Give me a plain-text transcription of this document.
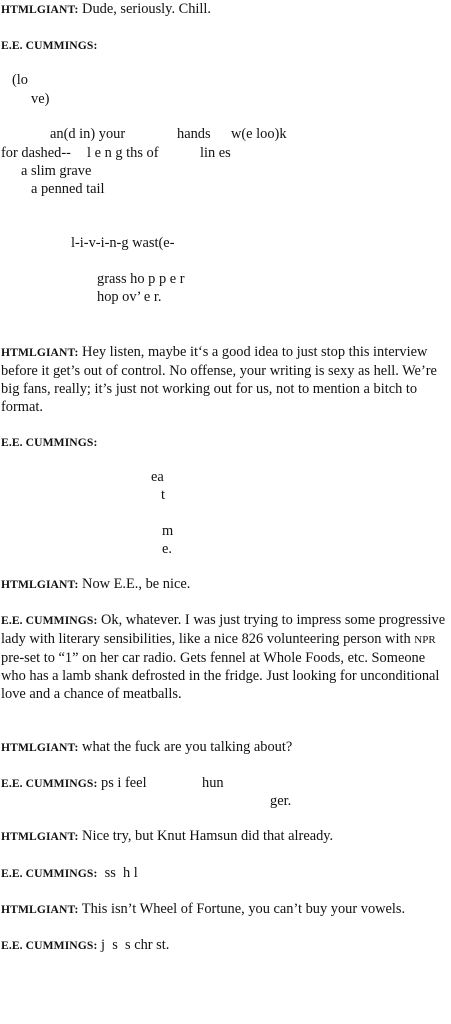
HTMLGIANT: Dude, seriously. Chill.

E.E. CUMMINGS:

(lo
ve)
an(d in) your	hands w(e loo)k
for dashed-- l e n g ths of	lin es
a slim grave
a penned tail
l-i-v-i-n-g wast(e-
grass ho p p e r
hop ov’ e r.

HTMLGIANT: Hey listen, maybe it‘s a good idea to just stop this interview before it get’s out of control. No offense, your writing is sexy as hell. We’re big fans, really; it’s just not working out for us, not to mention a bitch to format.

E.E. CUMMINGS:

ea
t
m
e.

HTMLGIANT: Now E.E., be nice.

E.E. CUMMINGS: Ok, whatever. I was just trying to impress some progressive lady with literary sensibilities, like a nice 826 volunteering person with NPR pre-set to “1” on her car radio. Gets fennel at Whole Foods, etc. Someone who has a lamb shank defrosted in the fridge. Just looking for unconditional love and a chance of meatballs.

HTMLGIANT: what the fuck are you talking about?

E.E. CUMMINGS: ps i feel	hun
ger.

HTMLGIANT: Nice try, but Knut Hamsun did that already.

E.E. CUMMINGS: ss  h l

HTMLGIANT: This isn’t Wheel of Fortune, you can’t buy your vowels.

E.E. CUMMINGS: j  s  s chr st.
